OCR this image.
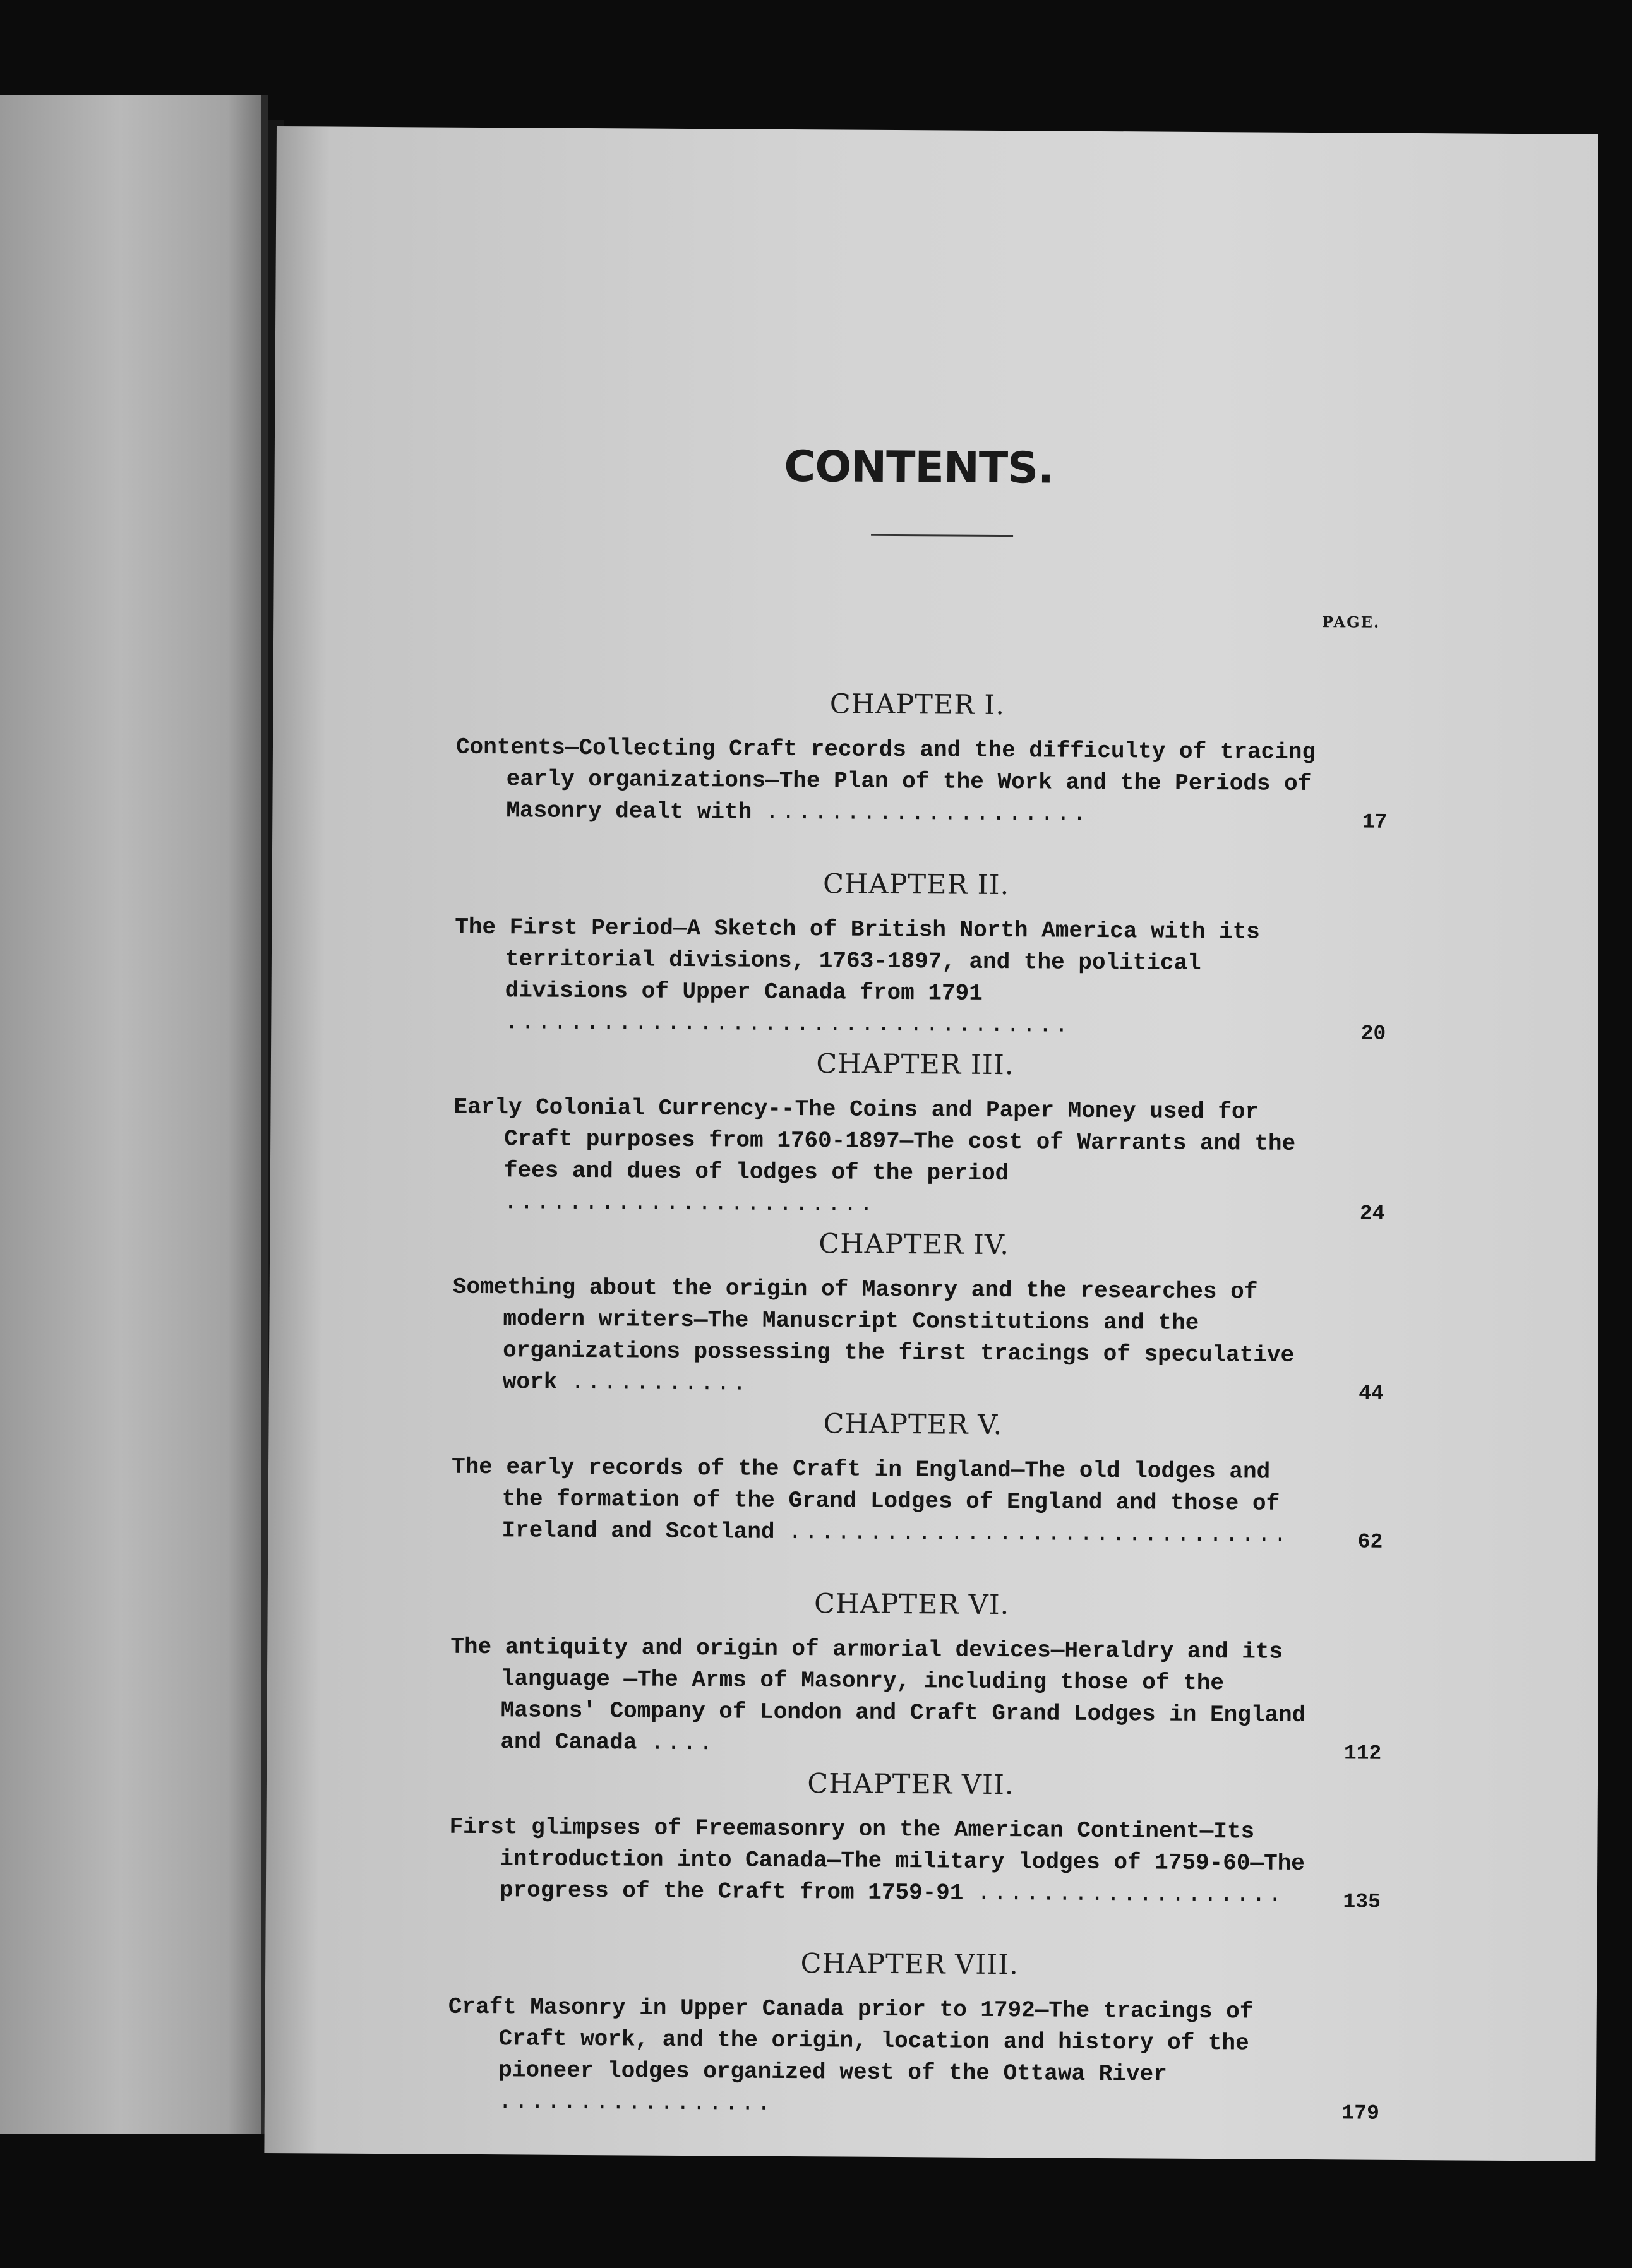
CONTENTS.
PAGE.
CHAPTER I.
Contents—Collecting Craft records and the difficulty of tracing early organizations—The Plan of the Work and the Periods of Masonry dealt with ....................	17
CHAPTER II.
The First Period—A Sketch of British North America with its territorial divisions, 1763-1897, and the political divisions of Upper Canada from 1791 ...................................	20
CHAPTER III.
Early Colonial Currency--The Coins and Paper Money used for Craft purposes from 1760-1897—The cost of Warrants and the fees and dues of lodges of the period .......................	24
CHAPTER IV.
Something about the origin of Masonry and the researches of modern writers—The Manuscript Constitutions and the organizations possessing the first tracings of speculative work ...........	44
CHAPTER V.
The early records of the Craft in England—The old lodges and the formation of the Grand Lodges of England and those of Ireland and Scotland ...............................	62
CHAPTER VI.
The antiquity and origin of armorial devices—Heraldry and its language —The Arms of Masonry, including those of the Masons' Company of London and Craft Grand Lodges in England and Canada ....	112
CHAPTER VII.
First glimpses of Freemasonry on the American Continent—Its introduction into Canada—The military lodges of 1759-60—The progress of the Craft from 1759-91 ...................	135
CHAPTER VIII.
Craft Masonry in Upper Canada prior to 1792—The tracings of Craft work, and the origin, location and history of the pioneer lodges organized west of the Ottawa River .................	179
